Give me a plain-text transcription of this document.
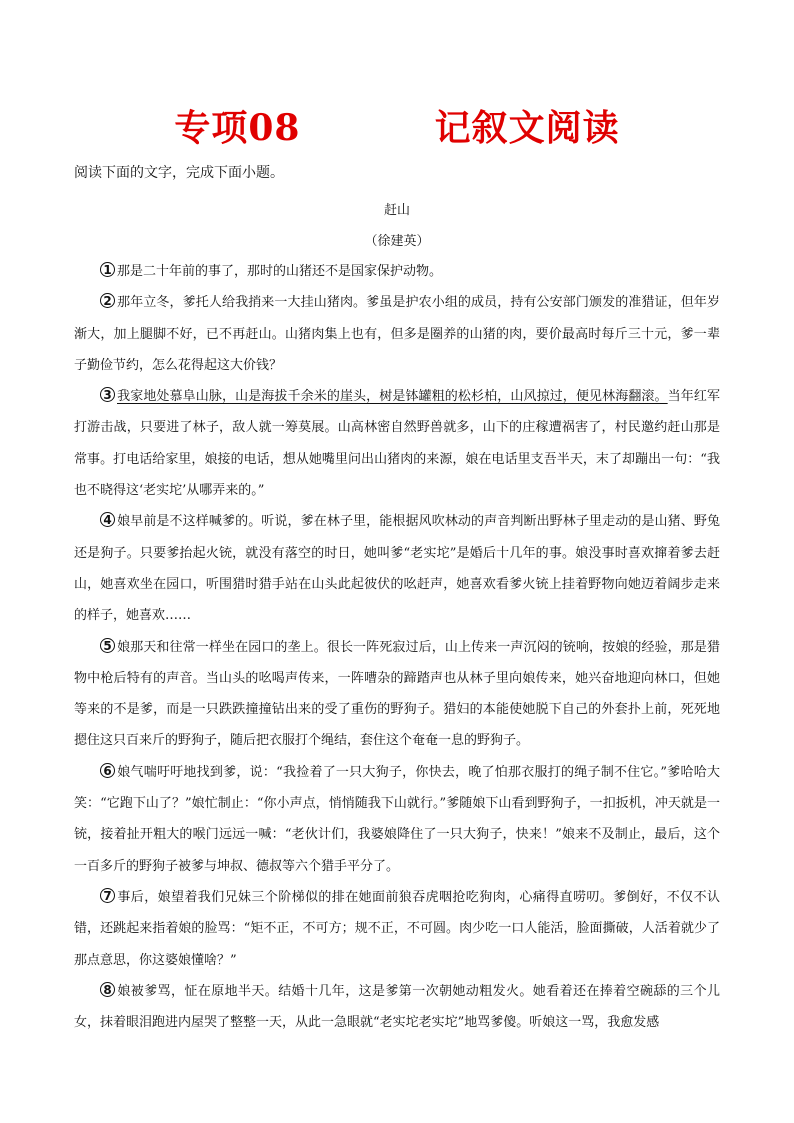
专项08    记叙文阅读
阅读下面的文字，完成下面小题。
赶山
（徐建英）

1 那是二十年前的事了，那时的山猪还不是国家保护动物。

2 那年立冬，爹托人给我捎来一大挂山猪肉。爹虽是护农小组的成员，持有公安部门颁发的准猎证，但年岁渐大，加上腿脚不好，已不再赶山。山猪肉集上也有，但多是圈养的山猪的肉，要价最高时每斤三十元，爹一辈子勤俭节约，怎么花得起这大价钱？

3 我家地处慕阜山脉，山是海拔千余米的崖头，树是钵罐粗的松杉柏，山风掠过，便见林海翻滚。当年红军打游击战，只要进了林子，敌人就一筹莫展。山高林密自然野兽就多，山下的庄稼遭祸害了，村民邀约赶山那是常事。打电话给家里，娘接的电话，想从她嘴里问出山猪肉的来源，娘在电话里支吾半天，末了却蹦出一句：“我也不晓得这‘老实坨’从哪弄来的。”

4 娘早前是不这样喊爹的。听说，爹在林子里，能根据风吹林动的声音判断出野林子里走动的是山猪、野兔还是狗子。只要爹抬起火铳，就没有落空的时日，她叫爹“老实坨”是婚后十几年的事。娘没事时喜欢撺着爹去赶山，她喜欢坐在园口，听围猎时猎手站在山头此起彼伏的吆赶声，她喜欢看爹火铳上挂着野物向她迈着阔步走来的样子，她喜欢……

5 娘那天和往常一样坐在园口的垄上。很长一阵死寂过后，山上传来一声沉闷的铳响，按娘的经验，那是猎物中枪后特有的声音。当山头的吆喝声传来，一阵嘈杂的蹄踏声也从林子里向娘传来，她兴奋地迎向林口，但她等来的不是爹，而是一只跌跌撞撞钻出来的受了重伤的野狗子。猎妇的本能使她脱下自己的外套扑上前，死死地摁住这只百来斤的野狗子，随后把衣服打个绳结，套住这个奄奄一息的野狗子。

6 娘气喘吁吁地找到爹，说：“我捡着了一只大狗子，你快去，晚了怕那衣服打的绳子制不住它。”爹哈哈大笑：“它跑下山了？”娘忙制止：“你小声点，悄悄随我下山就行。”爹随娘下山看到野狗子，一扣扳机，冲天就是一铳，接着扯开粗大的喉门远远一喊：“老伙计们，我婆娘降住了一只大狗子，快来！”娘来不及制止，最后，这个一百多斤的野狗子被爹与坤叔、德叔等六个猎手平分了。

7 事后，娘望着我们兄妹三个阶梯似的排在她面前狼吞虎咽抢吃狗肉，心痛得直唠叨。爹倒好，不仅不认错，还跳起来指着娘的脸骂：“矩不正，不可方；规不正，不可圆。肉少吃一口人能活，脸面撕破，人活着就少了那点意思，你这婆娘懂啥？”

8 娘被爹骂，怔在原地半天。结婚十几年，这是爹第一次朝她动粗发火。她看着还在捧着空碗舔的三个儿女，抹着眼泪跑进内屋哭了整整一天，从此一急眼就“老实坨老实坨”地骂爹傻。听娘这一骂，我愈发感
